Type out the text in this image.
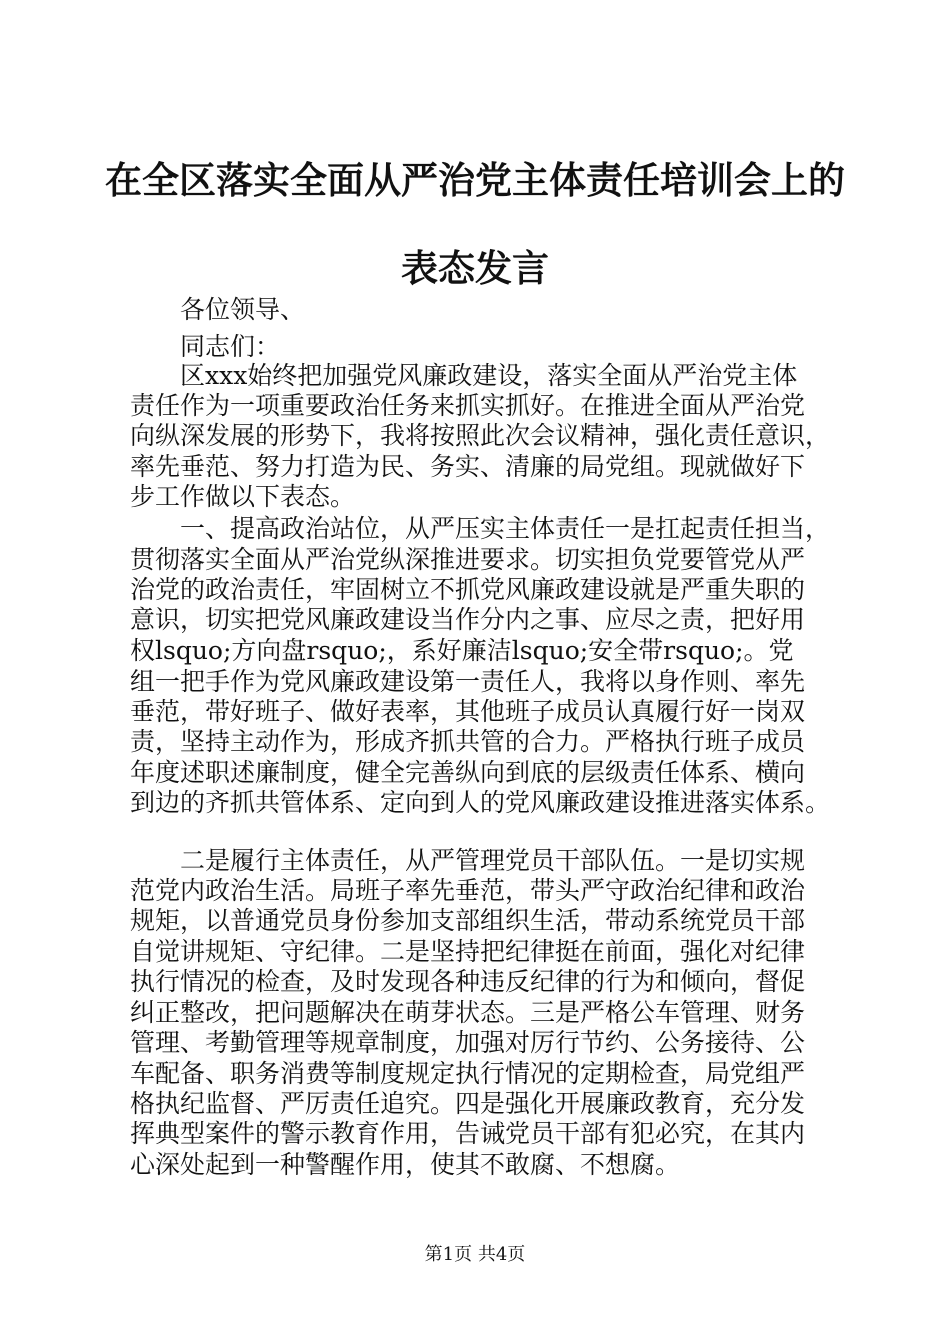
在全区落实全面从严治党主体责任培训会上的
表态发言
各位领导、
同志们：
区xxx始终把加强党风廉政建设，落实全面从严治党主体
责任作为一项重要政治任务来抓实抓好。在推进全面从严治党
向纵深发展的形势下，我将按照此次会议精神，强化责任意识，
率先垂范、努力打造为民、务实、清廉的局党组。现就做好下
步工作做以下表态。
一、提高政治站位，从严压实主体责任一是扛起责任担当，
贯彻落实全面从严治党纵深推进要求。切实担负党要管党从严
治党的政治责任，牢固树立不抓党风廉政建设就是严重失职的
意识，切实把党风廉政建设当作分内之事、应尽之责，把好用
权lsquo;方向盘rsquo;，系好廉洁lsquo;安全带rsquo;。党
组一把手作为党风廉政建设第一责任人，我将以身作则、率先
垂范，带好班子、做好表率，其他班子成员认真履行好一岗双
责，坚持主动作为，形成齐抓共管的合力。严格执行班子成员
年度述职述廉制度，健全完善纵向到底的层级责任体系、横向
到边的齐抓共管体系、定向到人的党风廉政建设推进落实体系。
二是履行主体责任，从严管理党员干部队伍。一是切实规
范党内政治生活。局班子率先垂范，带头严守政治纪律和政治
规矩，以普通党员身份参加支部组织生活，带动系统党员干部
自觉讲规矩、守纪律。二是坚持把纪律挺在前面，强化对纪律
执行情况的检查，及时发现各种违反纪律的行为和倾向，督促
纠正整改，把问题解决在萌芽状态。三是严格公车管理、财务
管理、考勤管理等规章制度，加强对厉行节约、公务接待、公
车配备、职务消费等制度规定执行情况的定期检查，局党组严
格执纪监督、严厉责任追究。四是强化开展廉政教育，充分发
挥典型案件的警示教育作用，告诫党员干部有犯必究，在其内
心深处起到一种警醒作用，使其不敢腐、不想腐。
第1页 共4页
